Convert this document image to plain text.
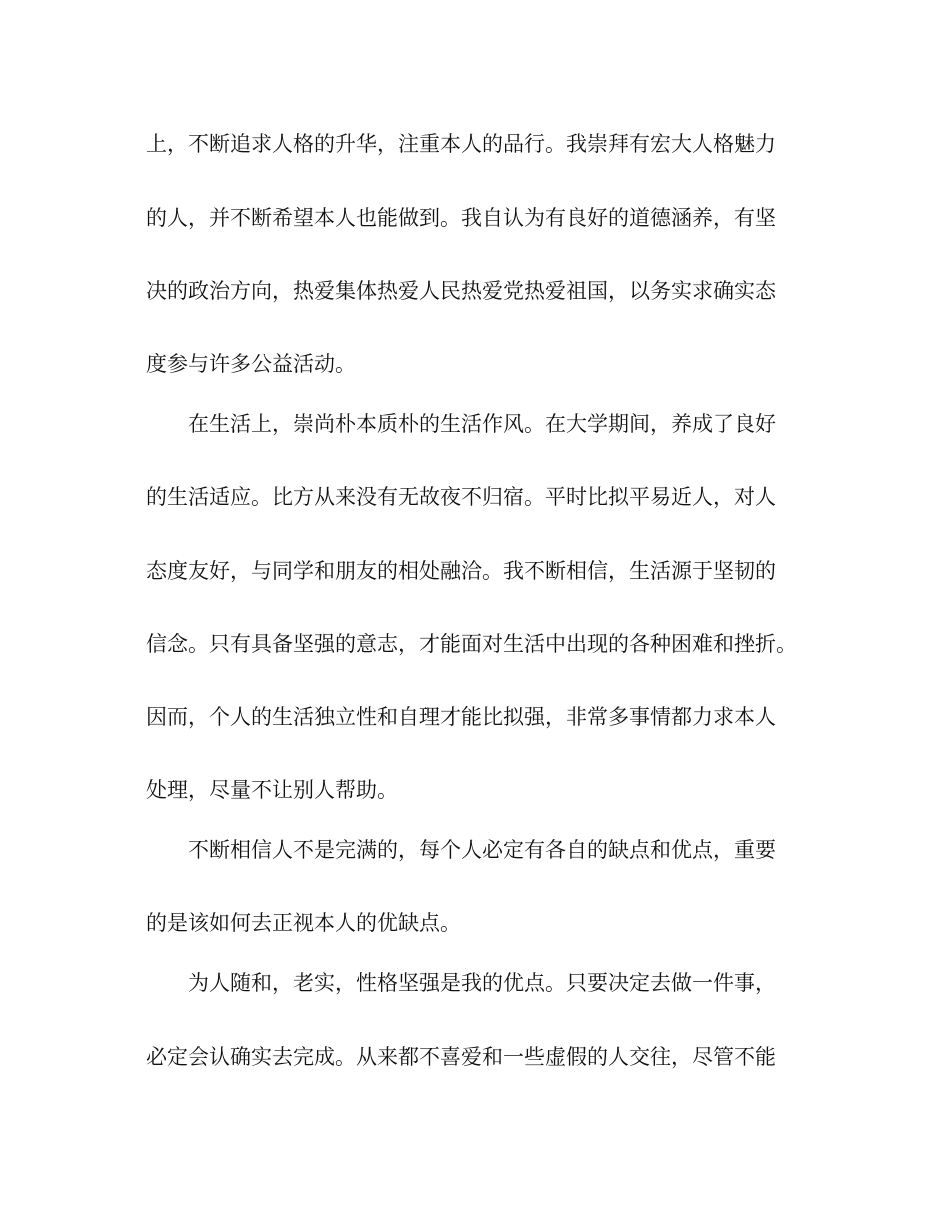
上，不断追求人格的升华，注重本人的品行。我崇拜有宏大人格魅力
的人，并不断希望本人也能做到。我自认为有良好的道德涵养，有坚
决的政治方向，热爱集体热爱人民热爱党热爱祖国，以务实求确实态
度参与许多公益活动。
在生活上，崇尚朴本质朴的生活作风。在大学期间，养成了良好
的生活适应。比方从来没有无故夜不归宿。平时比拟平易近人，对人
态度友好，与同学和朋友的相处融洽。我不断相信，生活源于坚韧的
信念。只有具备坚强的意志，才能面对生活中出现的各种困难和挫折。
因而，个人的生活独立性和自理才能比拟强，非常多事情都力求本人
处理，尽量不让别人帮助。
不断相信人不是完满的，每个人必定有各自的缺点和优点，重要
的是该如何去正视本人的优缺点。
为人随和，老实，性格坚强是我的优点。只要决定去做一件事，
必定会认确实去完成。从来都不喜爱和一些虚假的人交往，尽管不能
